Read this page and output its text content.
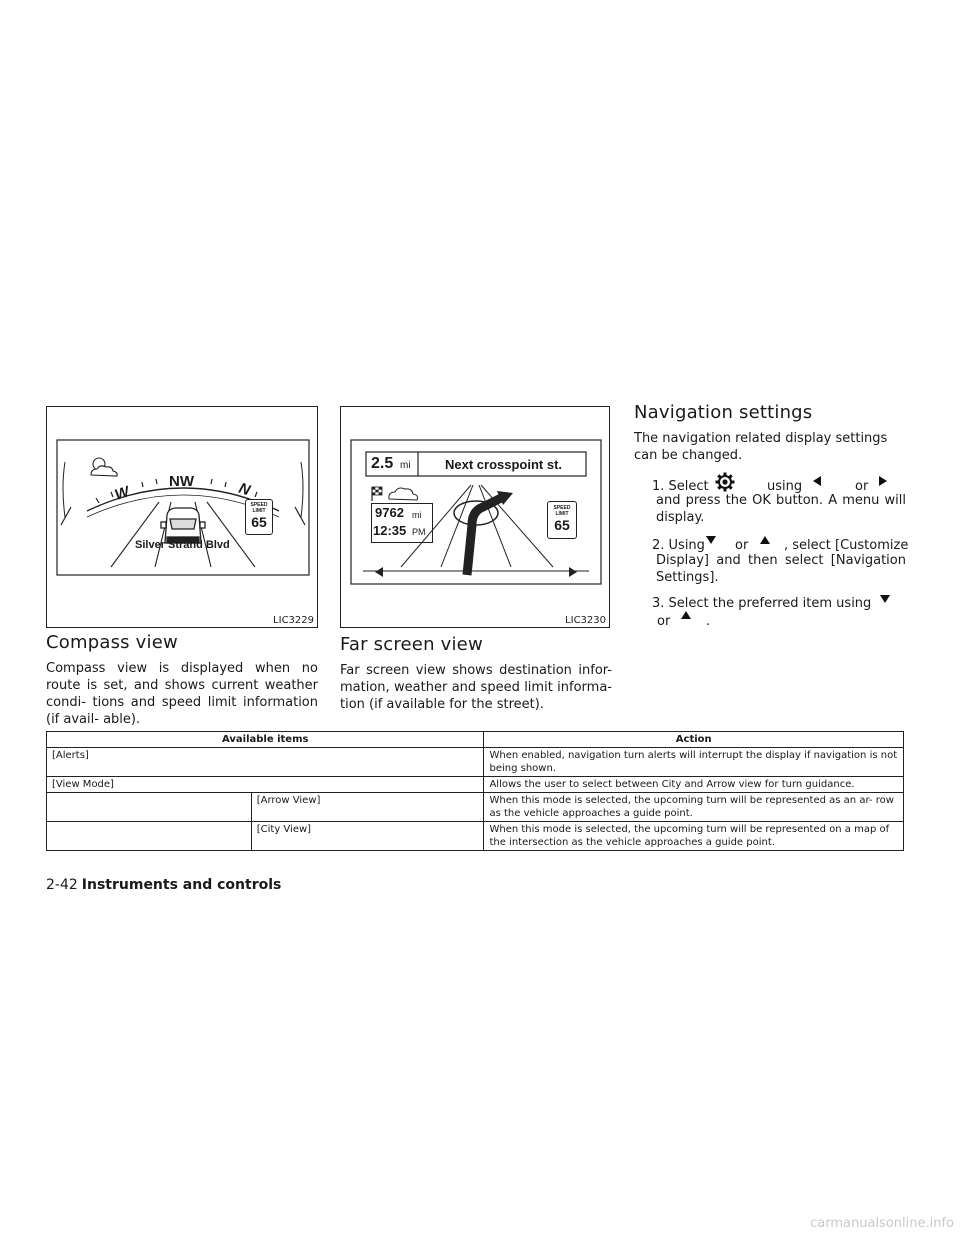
NW
W	N
SPEED
LIMIT
65
Silver Strand Blvd
LIC3229
2.5 mi	Next crosspoint st.
9762 mi
12:35 PM
SPEED
LIMIT
65
LIC3230
Compass view

Compass view is displayed when no route is set, and shows current weather condi- tions and speed limit information (if avail- able).

Far screen view

Far screen view shows destination infor- mation, weather and speed limit informa- tion (if available for the street).

Navigation settings

The navigation related display settings can be changed.

1. Select	using	or

and press the OK button. A menu will display.

2. Using or	, select [Customize

Display] and then select [Navigation Settings].

3. Select the preferred item using
or	.
Available items		Action
[Alerts]		When enabled, navigation turn alerts will interrupt the display if navigation is not being shown.
[View Mode]		Allows the user to select between City and Arrow view for turn guidance.
	[Arrow View]	When this mode is selected, the upcoming turn will be represented as an ar- row as the vehicle approaches a guide point.
	[City View]	When this mode is selected, the upcoming turn will be represented on a map of the intersection as the vehicle approaches a guide point.
2-42 Instruments and controls
carmanualsonline.info
